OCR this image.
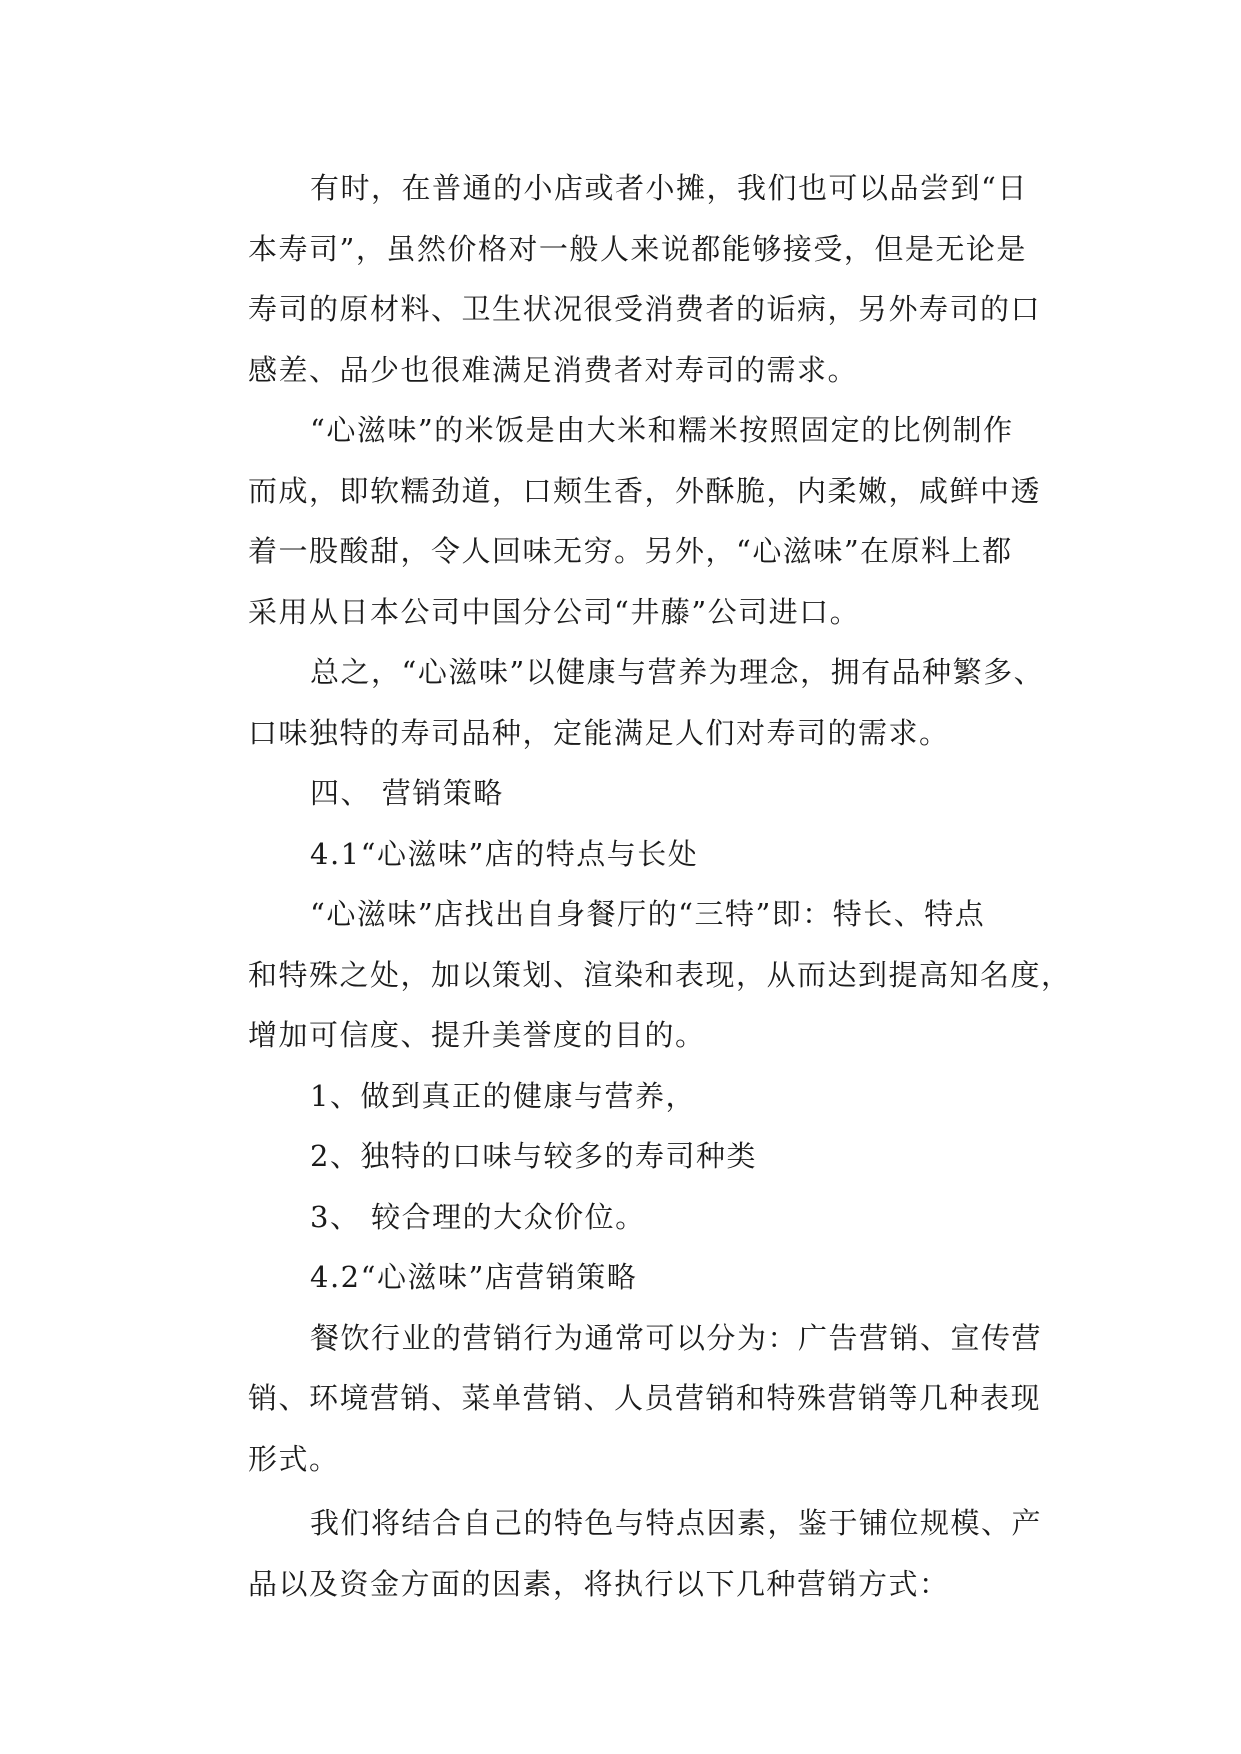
有时，在普通的小店或者小摊，我们也可以品尝到“日
本寿司”，虽然价格对一般人来说都能够接受，但是无论是
寿司的原材料、卫生状况很受消费者的诟病，另外寿司的口
感差、品少也很难满足消费者对寿司的需求。
“心滋味”的米饭是由大米和糯米按照固定的比例制作
而成，即软糯劲道，口颊生香，外酥脆，内柔嫩，咸鲜中透
着一股酸甜，令人回味无穷。另外，“心滋味”在原料上都
采用从日本公司中国分公司“井藤”公司进口。
总之，“心滋味”以健康与营养为理念，拥有品种繁多、
口味独特的寿司品种，定能满足人们对寿司的需求。
四、 营销策略
4.1“心滋味”店的特点与长处
“心滋味”店找出自身餐厅的“三特”即：特长、特点
和特殊之处，加以策划、渲染和表现，从而达到提高知名度，
增加可信度、提升美誉度的目的。
1、做到真正的健康与营养，
2、独特的口味与较多的寿司种类
3、 较合理的大众价位。
4.2“心滋味”店营销策略
餐饮行业的营销行为通常可以分为：广告营销、宣传营
销、环境营销、菜单营销、人员营销和特殊营销等几种表现
形式。
我们将结合自己的特色与特点因素，鉴于铺位规模、产
品以及资金方面的因素，将执行以下几种营销方式：
